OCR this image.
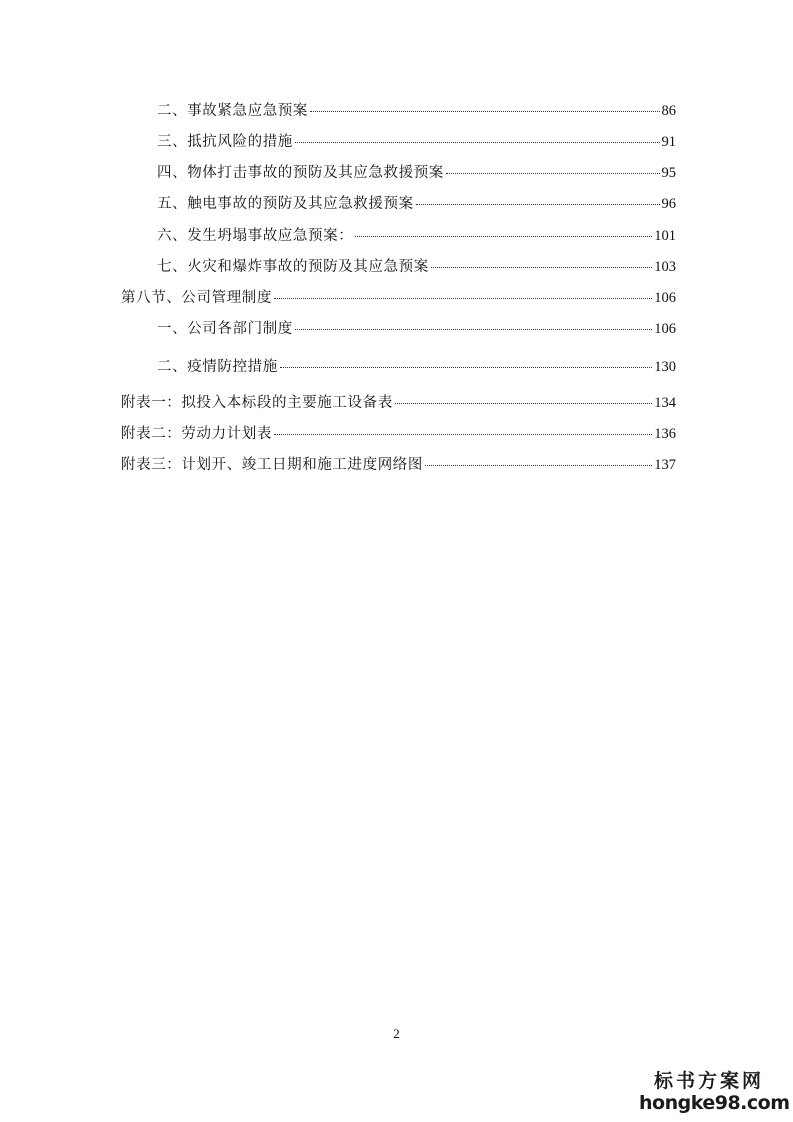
二、事故紧急应急预案	86
三、抵抗风险的措施	91
四、物体打击事故的预防及其应急救援预案	95
五、触电事故的预防及其应急救援预案	96
六、发生坍塌事故应急预案：	101
七、火灾和爆炸事故的预防及其应急预案	103
第八节、公司管理制度	106
一、公司各部门制度	106
二、疫情防控措施	130
附表一：拟投入本标段的主要施工设备表	134
附表二：劳动力计划表	136
附表三：计划开、竣工日期和施工进度网络图	137
2
标书方案网
hongke98.com
